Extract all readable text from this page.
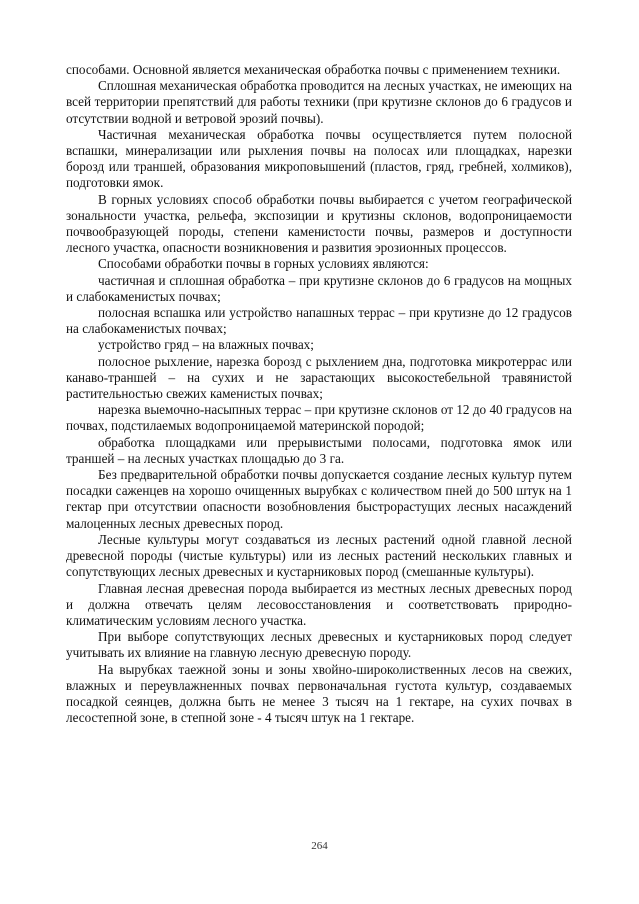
способами. Основной является механическая обработка почвы с применением техники.

Сплошная механическая обработка проводится на лесных участках, не имеющих на всей территории препятствий для работы техники (при крутизне склонов до 6 градусов и отсутствии водной и ветровой эрозий почвы).

Частичная механическая обработка почвы осуществляется путем полосной вспашки, минерализации или рыхления почвы на полосах или площадках, нарезки борозд или траншей, образования микроповышений (пластов, гряд, гребней, холмиков), подготовки ямок.

В горных условиях способ обработки почвы выбирается с учетом географической зональности участка, рельефа, экспозиции и крутизны склонов, водопроницаемости почвообразующей породы, степени каменистости почвы, размеров и доступности лесного участка, опасности возникновения и развития эрозионных процессов.

Способами обработки почвы в горных условиях являются:

частичная и сплошная обработка – при крутизне склонов до 6 градусов на мощных и слабокаменистых почвах;

полосная вспашка или устройство напашных террас – при крутизне до 12 градусов на слабокаменистых почвах;

устройство гряд – на влажных почвах;

полосное рыхление, нарезка борозд с рыхлением дна, подготовка микротеррас или канаво-траншей – на сухих и не зарастающих высокостебельной травянистой растительностью свежих каменистых почвах;

нарезка выемочно-насыпных террас – при крутизне склонов от 12 до 40 градусов на почвах, подстилаемых водопроницаемой материнской породой;

обработка площадками или прерывистыми полосами, подготовка ямок или траншей – на лесных участках площадью до 3 га.

Без предварительной обработки почвы допускается создание лесных культур путем посадки саженцев на хорошо очищенных вырубках с количеством пней до 500 штук на 1 гектар при отсутствии опасности возобновления быстрорастущих лесных насаждений малоценных лесных древесных пород.

Лесные культуры могут создаваться из лесных растений одной главной лесной древесной породы (чистые культуры) или из лесных растений нескольких главных и сопутствующих лесных древесных и кустарниковых пород (смешанные культуры).

Главная лесная древесная порода выбирается из местных лесных древесных пород и должна отвечать целям лесовосстановления и соответствовать природно-климатическим условиям лесного участка.

При выборе сопутствующих лесных древесных и кустарниковых пород следует учитывать их влияние на главную лесную древесную породу.

На вырубках таежной зоны и зоны хвойно-широколиственных лесов на свежих, влажных и переувлажненных почвах первоначальная густота культур, создаваемых посадкой сеянцев, должна быть не менее 3 тысяч на 1 гектаре, на сухих почвах в лесостепной зоне, в степной зоне - 4 тысяч штук на 1 гектаре.

264
